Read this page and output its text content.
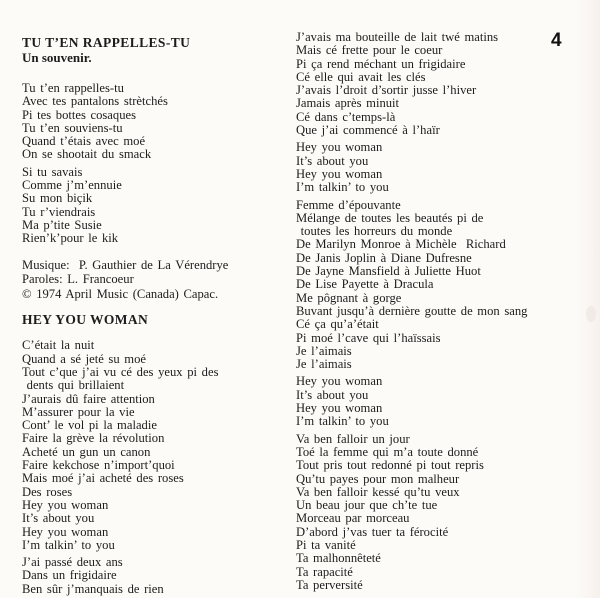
4
TU T’EN RAPPELLES-TU
Un souvenir.
Tu t’en rappelles-tu
Avec tes pantalons strètchés
Pi tes bottes cosaques
Tu t’en souviens-tu
Quand t’étais avec moé
On se shootait du smack
Si tu savais
Comme j’m’ennuie
Su mon biçik
Tu r’viendrais
Ma p’tite Susie
Rien’k’pour le kik
Musique:  P. Gauthier de La Vérendrye
Paroles: L. Francoeur
© 1974 April Music (Canada) Capac.
HEY YOU WOMAN
C’était la nuit
Quand a sé jeté su moé
Tout c’que j’ai vu cé des yeux pi des
dents qui brillaient
J’aurais dû faire attention
M’assurer pour la vie
Cont’ le vol pi la maladie
Faire la grève la révolution
Acheté un gun un canon
Faire kekchose n’import’quoi
Mais moé j’ai acheté des roses
Des roses
Hey you woman
It’s about you
Hey you woman
I’m talkin’ to you
J’ai passé deux ans
Dans un frigidaire
Ben sûr j’manquais de rien
J’avais ma bouteille de lait twé matins
Mais cé frette pour le coeur
Pi ça rend méchant un frigidaire
Cé elle qui avait les clés
J’avais l’droit d’sortir jusse l’hiver
Jamais après minuit
Cé dans c’temps-là
Que j’ai commencé à l’haïr
Hey you woman
It’s about you
Hey you woman
I’m talkin’ to you
Femme d’épouvante
Mélange de toutes les beautés pi de
toutes les horreurs du monde
De Marilyn Monroe à Michèle  Richard
De Janis Joplin à Diane Dufresne
De Jayne Mansfield à Juliette Huot
De Lise Payette à Dracula
Me pôgnant à gorge
Buvant jusqu’à dernière goutte de mon sang
Cé ça qu’a’était
Pi moé l’cave qui l’haïssais
Je l’aimais
Je l’aimais
Hey you woman
It’s about you
Hey you woman
I’m talkin’ to you
Va ben falloir un jour
Toé la femme qui m’a toute donné
Tout pris tout redonné pi tout repris
Qu’tu payes pour mon malheur
Va ben falloir kessé qu’tu veux
Un beau jour que ch’te tue
Morceau par morceau
D’abord j’vas tuer ta férocité
Pi ta vanité
Ta malhonnêteté
Ta rapacité
Ta perversité
